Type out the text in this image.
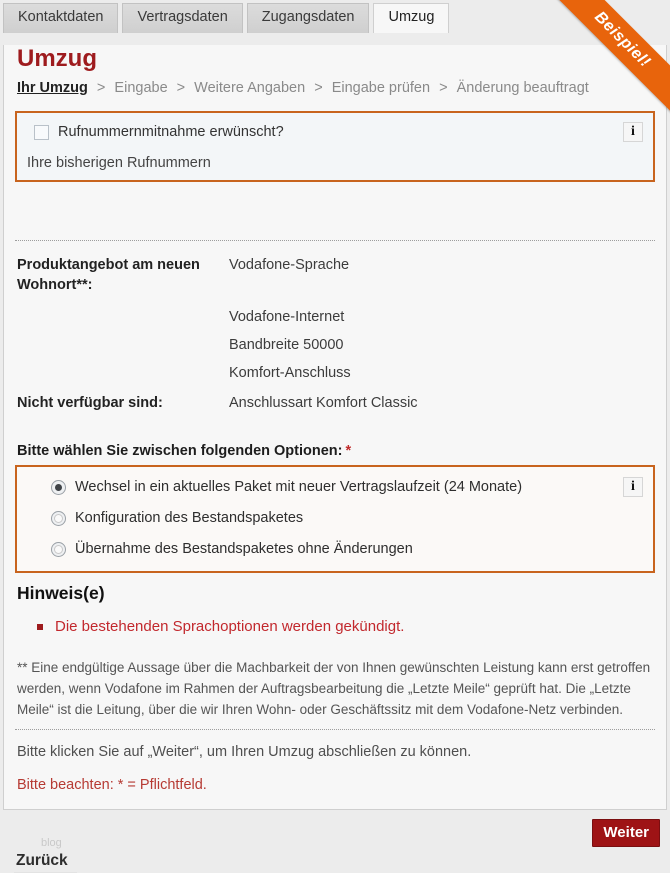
Kontaktdaten	Vertragsdaten	Zugangsdaten	Umzug	Beispiel!
Umzug
Ihr Umzug > Eingabe > Weitere Angaben > Eingabe prüfen > Änderung beauftragt
Rufnummernmitnahme erwünscht?	i
Ihre bisherigen Rufnummern
Produktangebot am neuen Wohnort**:
Vodafone-Sprache
Vodafone-Internet
Bandbreite 50000
Komfort-Anschluss
Nicht verfügbar sind:	Anschlussart Komfort Classic
Bitte wählen Sie zwischen folgenden Optionen: *
Wechsel in ein aktuelles Paket mit neuer Vertragslaufzeit (24 Monate)	i
Konfiguration des Bestandspaketes
Übernahme des Bestandspaketes ohne Änderungen
Hinweis(e)
Die bestehenden Sprachoptionen werden gekündigt.

** Eine endgültige Aussage über die Machbarkeit der von Ihnen gewünschten Leistung kann erst getroffen werden, wenn Vodafone im Rahmen der Auftragsbearbeitung die „Letzte Meile“ geprüft hat. Die „Letzte Meile“ ist die Leitung, über die wir Ihren Wohn- oder Geschäftssitz mit dem Vodafone-Netz verbinden.

Bitte klicken Sie auf „Weiter“, um Ihren Umzug abschließen zu können.

Bitte beachten: * = Pflichtfeld.

blog
Zurück
Weiter
